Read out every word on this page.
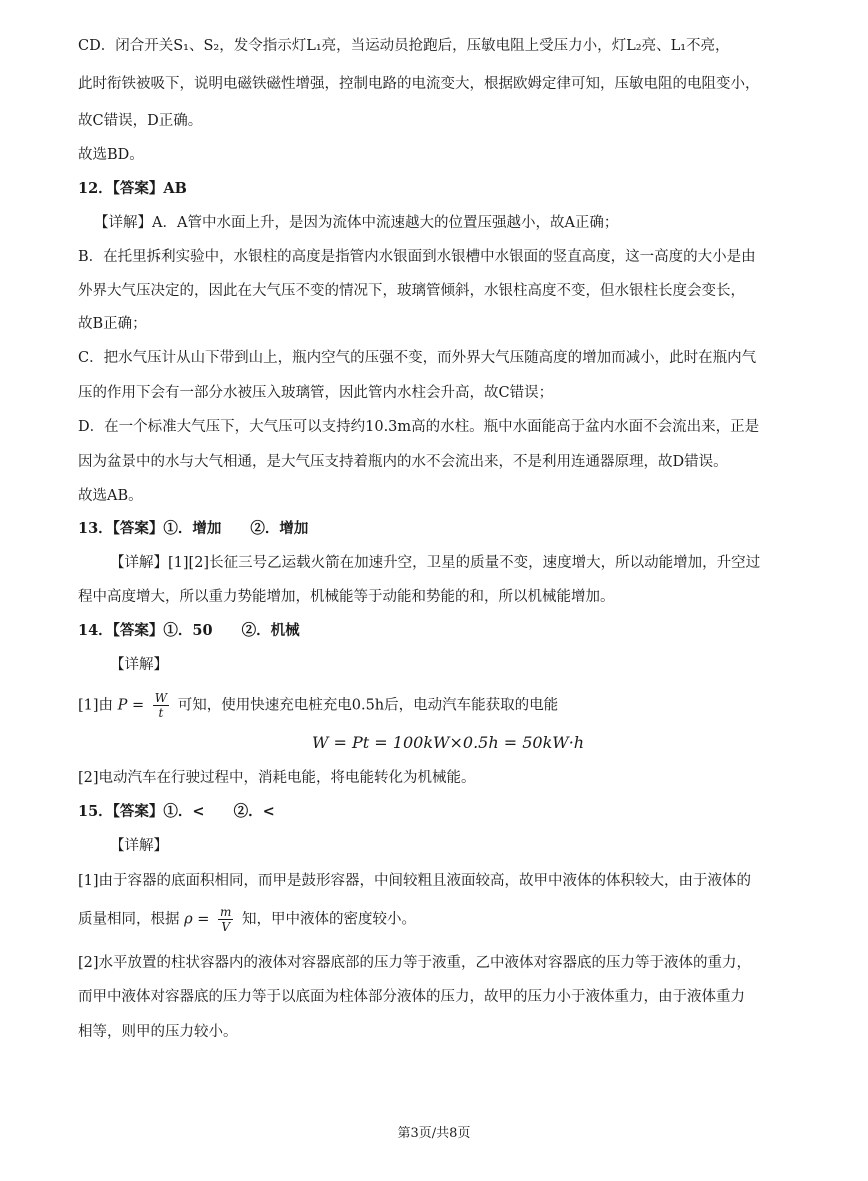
CD．闭合开关S₁、S₂，发令指示灯L₁亮，当运动员抢跑后，压敏电阻上受压力小，灯L₂亮、L₁不亮，
此时衔铁被吸下，说明电磁铁磁性增强，控制电路的电流变大，根据欧姆定律可知，压敏电阻的电阻变小，
故C错误，D正确。
故选BD。
12．【答案】AB
【详解】A．A管中水面上升，是因为流体中流速越大的位置压强越小，故A正确；
B．在托里拆利实验中，水银柱的高度是指管内水银面到水银槽中水银面的竖直高度，这一高度的大小是由
外界大气压决定的，因此在大气压不变的情况下，玻璃管倾斜，水银柱高度不变，但水银柱长度会变长，
故B正确；
C．把水气压计从山下带到山上，瓶内空气的压强不变，而外界大气压随高度的增加而减小，此时在瓶内气
压的作用下会有一部分水被压入玻璃管，因此管内水柱会升高，故C错误；
D．在一个标准大气压下，大气压可以支持约10.3m高的水柱。瓶中水面能高于盆内水面不会流出来，正是
因为盆景中的水与大气相通，是大气压支持着瓶内的水不会流出来，不是利用连通器原理，故D错误。
故选AB。
13．【答案】①．增加　　②．增加
【详解】[1][2]长征三号乙运载火箭在加速升空，卫星的质量不变，速度增大，所以动能增加，升空过
程中高度增大，所以重力势能增加，机械能等于动能和势能的和，所以机械能增加。
14．【答案】①．50　　②．机械
【详解】
[1]由 $P = \frac{W}{t}$ 可知，使用快速充电桩充电0.5h后，电动汽车能获取的电能
W = Pt = 100kW×0.5h = 50kW·h
[2]电动汽车在行驶过程中，消耗电能，将电能转化为机械能。
15．【答案】①．<　　②．<
【详解】
[1]由于容器的底面积相同，而甲是鼓形容器，中间较粗且液面较高，故甲中液体的体积较大，由于液体的
质量相同，根据 $\rho = \frac{m}{V}$ 知，甲中液体的密度较小。
[2]水平放置的柱状容器内的液体对容器底部的压力等于液重，乙中液体对容器底的压力等于液体的重力，
而甲中液体对容器底的压力等于以底面为柱体部分液体的压力，故甲的压力小于液体重力，由于液体重力
相等，则甲的压力较小。
第3页/共8页
